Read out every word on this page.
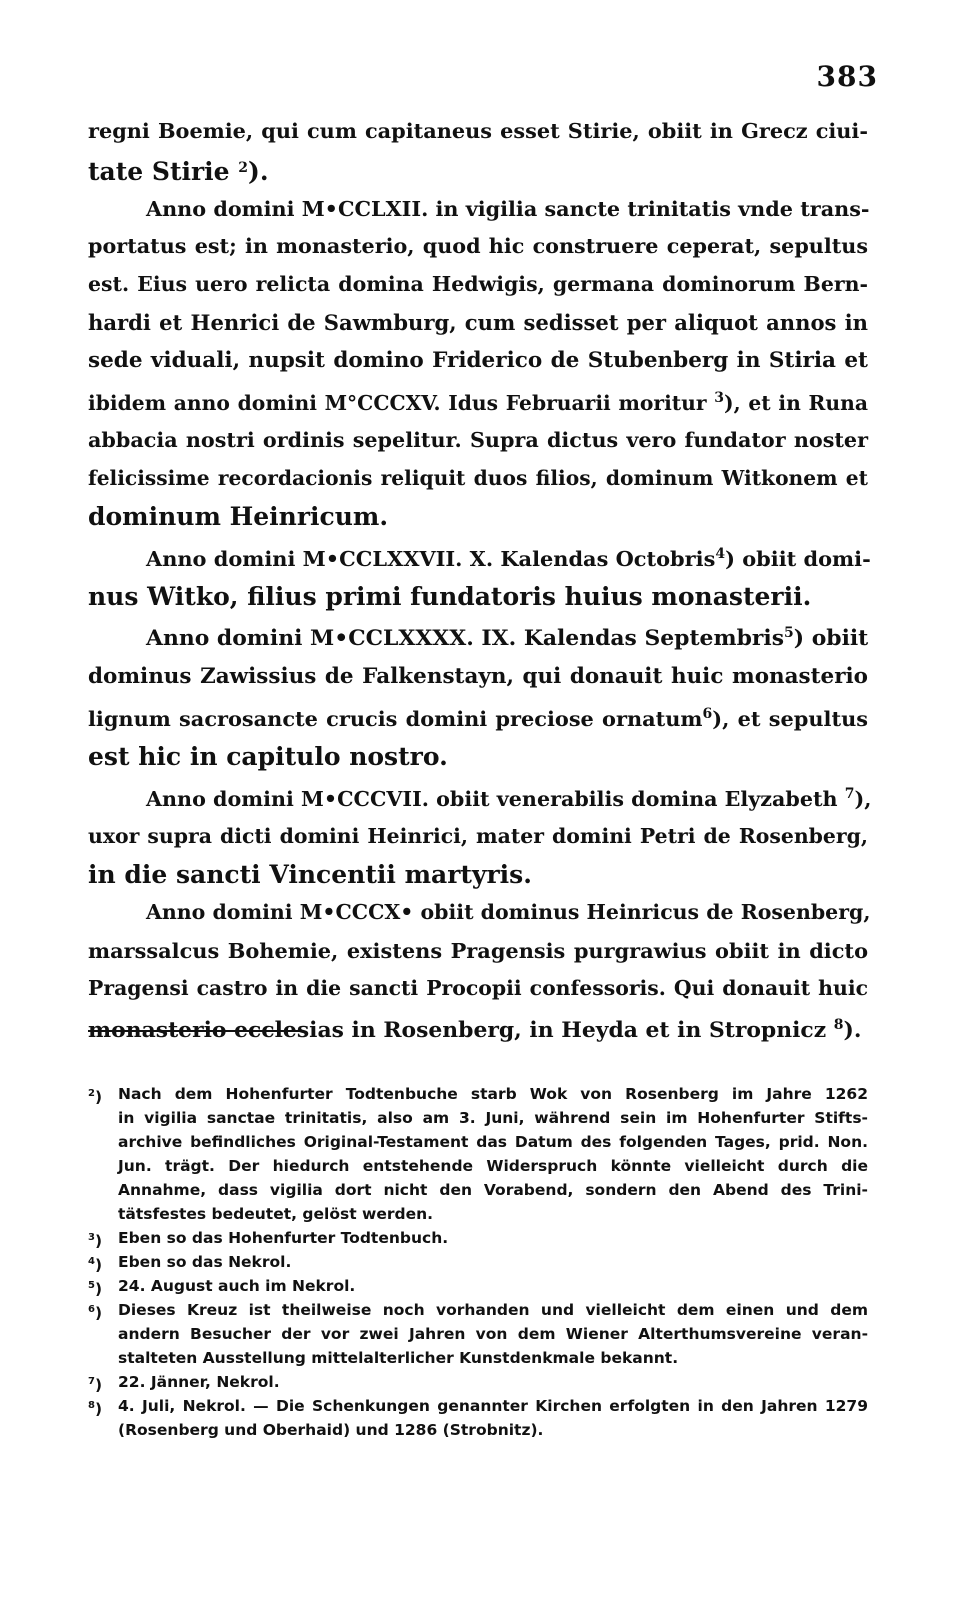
383
regni Boemie, qui cum capitaneus esset Stirie, obiit in Grecz ciui-
tate Stirie $^2$).
Anno domini M•CCLXII. in vigilia sancte trinitatis vnde trans-
portatus est; in monasterio, quod hic construere ceperat, sepultus
est. Eius uero relicta domina Hedwigis, germana dominorum Bern-
hardi et Henrici de Sawmburg, cum sedisset per aliquot annos in
sede viduali, nupsit domino Friderico de Stubenberg in Stiria et
ibidem anno domini M°CCCXV. Idus Februarii moritur $^3$), et in Runa
abbacia nostri ordinis sepelitur. Supra dictus vero fundator noster
felicissime recordacionis reliquit duos filios, dominum Witkonem et
dominum Heinricum.
Anno domini M•CCLXXVII. X. Kalendas Octobris$^4$) obiit domi-
nus Witko, filius primi fundatoris huius monasterii.
Anno domini M•CCLXXXX. IX. Kalendas Septembris$^5$) obiit
dominus Zawissius de Falkenstayn, qui donauit huic monasterio
lignum sacrosancte crucis domini preciose ornatum$^6$), et sepultus
est hic in capitulo nostro.
Anno domini M•CCCVII. obiit venerabilis domina Elyzabeth $^7$),
uxor supra dicti domini Heinrici, mater domini Petri de Rosenberg,
in die sancti Vincentii martyris.
Anno domini M•CCCX• obiit dominus Heinricus de Rosenberg,
marssalcus Bohemie, existens Pragensis purgrawius obiit in dicto
Pragensi castro in die sancti Procopii confessoris. Qui donauit huic
monasterio ecclesias in Rosenberg, in Heyda et in Stropnicz $^8$).
$^2$) Nach dem Hohenfurter Todtenbuche starb Wok von Rosenberg im Jahre 1262
in vigilia sanctae trinitatis, also am 3. Juni, während sein im Hohenfurter Stifts-
archive befindliches Original-Testament das Datum des folgenden Tages, prid. Non.
Jun. trägt. Der hiedurch entstehende Widerspruch könnte vielleicht durch die
Annahme, dass vigilia dort nicht den Vorabend, sondern den Abend des Trini-
tätsfestes bedeutet, gelöst werden.
$^3$) Eben so das Hohenfurter Todtenbuch.
$^4$) Eben so das Nekrol.
$^5$) 24. August auch im Nekrol.
$^6$) Dieses Kreuz ist theilweise noch vorhanden und vielleicht dem einen und dem
andern Besucher der vor zwei Jahren von dem Wiener Alterthumsvereine veran-
stalteten Ausstellung mittelalterlicher Kunstdenkmale bekannt.
$^7$) 22. Jänner, Nekrol.
$^8$) 4. Juli, Nekrol. — Die Schenkungen genannter Kirchen erfolgten in den Jahren 1279
(Rosenberg und Oberhaid) und 1286 (Strobnitz).
